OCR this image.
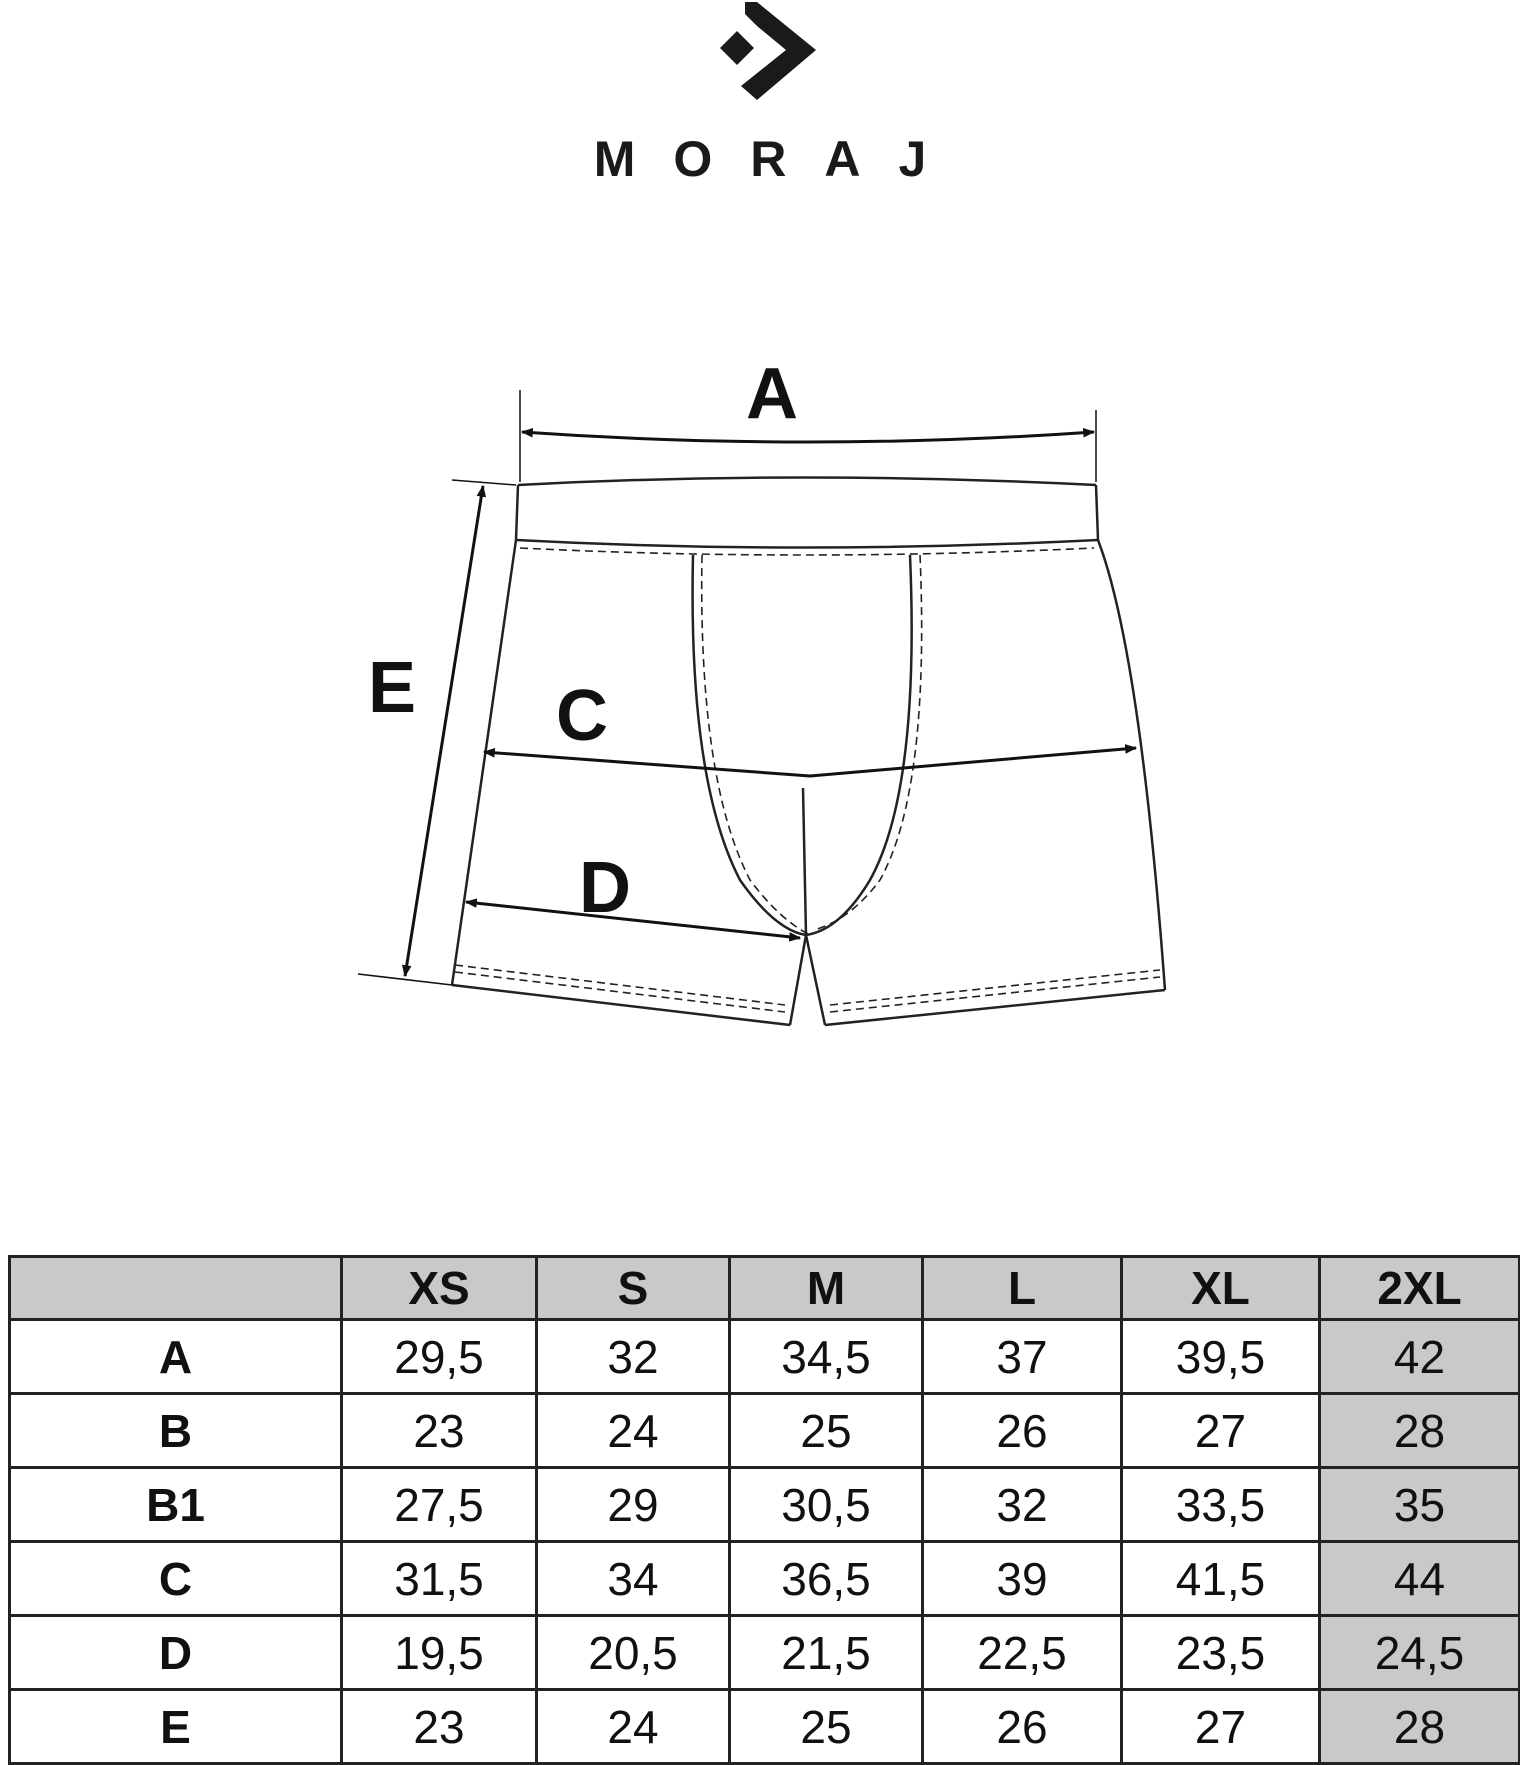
MORAJ
A
C
D
E
	XS	S	M	L	XL	2XL
A	29,5	32	34,5	37	39,5	42
B	23	24	25	26	27	28
B1	27,5	29	30,5	32	33,5	35
C	31,5	34	36,5	39	41,5	44
D	19,5	20,5	21,5	22,5	23,5	24,5
E	23	24	25	26	27	28
